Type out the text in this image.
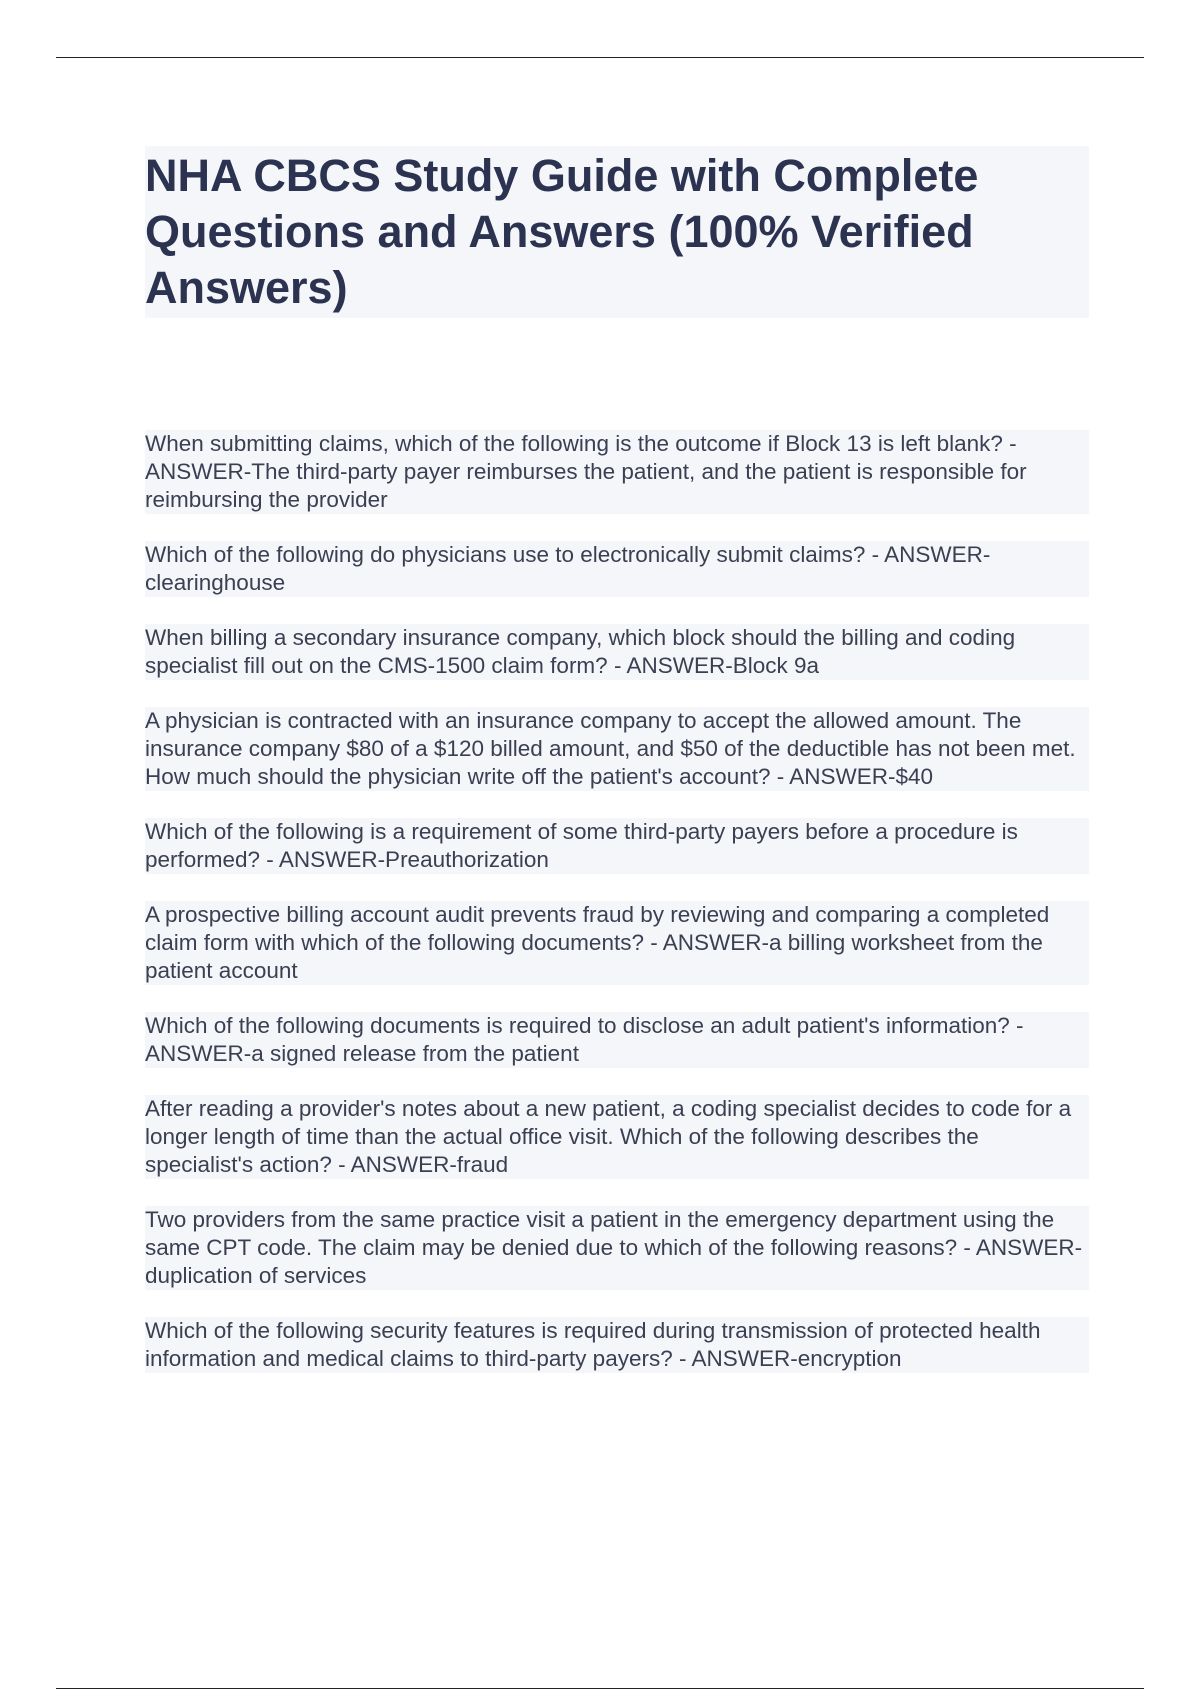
NHA CBCS Study Guide with Complete Questions and Answers (100% Verified Answers)

When submitting claims, which of the following is the outcome if Block 13 is left blank? - ANSWER-The third-party payer reimburses the patient, and the patient is responsible for reimbursing the provider

Which of the following do physicians use to electronically submit claims? - ANSWER-clearinghouse

When billing a secondary insurance company, which block should the billing and coding specialist fill out on the CMS-1500 claim form? - ANSWER-Block 9a

A physician is contracted with an insurance company to accept the allowed amount. The insurance company $80 of a $120 billed amount, and $50 of the deductible has not been met. How much should the physician write off the patient's account? - ANSWER-$40

Which of the following is a requirement of some third-party payers before a procedure is performed? - ANSWER-Preauthorization

A prospective billing account audit prevents fraud by reviewing and comparing a completed claim form with which of the following documents? - ANSWER-a billing worksheet from the patient account

Which of the following documents is required to disclose an adult patient's information? - ANSWER-a signed release from the patient

After reading a provider's notes about a new patient, a coding specialist decides to code for a longer length of time than the actual office visit. Which of the following describes the specialist's action? - ANSWER-fraud

Two providers from the same practice visit a patient in the emergency department using the same CPT code. The claim may be denied due to which of the following reasons? - ANSWER-duplication of services

Which of the following security features is required during transmission of protected health information and medical claims to third-party payers? - ANSWER-encryption
